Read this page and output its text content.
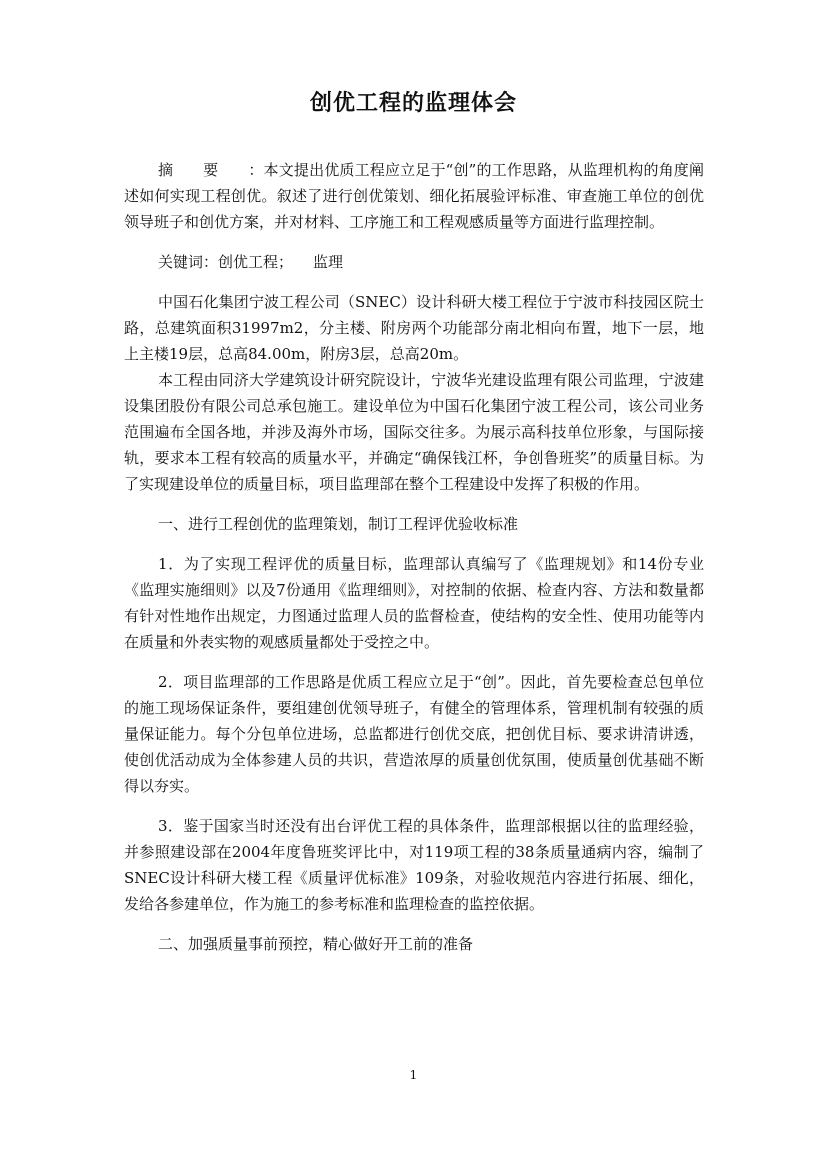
创优工程的监理体会

摘要：本文提出优质工程应立足于“创”的工作思路，从监理机构的角度阐述如何实现工程创优。叙述了进行创优策划、细化拓展验评标准、审查施工单位的创优领导班子和创优方案，并对材料、工序施工和工程观感质量等方面进行监理控制。

关键词：创优工程； 监理

中国石化集团宁波工程公司（SNEC）设计科研大楼工程位于宁波市科技园区院士路，总建筑面积31997m2，分主楼、附房两个功能部分南北相向布置，地下一层，地上主楼19层，总高84.00m，附房3层，总高20m。

本工程由同济大学建筑设计研究院设计，宁波华光建设监理有限公司监理，宁波建设集团股份有限公司总承包施工。建设单位为中国石化集团宁波工程公司，该公司业务范围遍布全国各地，并涉及海外市场，国际交往多。为展示高科技单位形象，与国际接轨，要求本工程有较高的质量水平，并确定“确保钱江杯，争创鲁班奖”的质量目标。为了实现建设单位的质量目标，项目监理部在整个工程建设中发挥了积极的作用。

一、进行工程创优的监理策划，制订工程评优验收标准

1．为了实现工程评优的质量目标，监理部认真编写了《监理规划》和14份专业《监理实施细则》以及7份通用《监理细则》，对控制的依据、检查内容、方法和数量都有针对性地作出规定，力图通过监理人员的监督检查，使结构的安全性、使用功能等内在质量和外表实物的观感质量都处于受控之中。

2．项目监理部的工作思路是优质工程应立足于“创”。因此，首先要检查总包单位的施工现场保证条件，要组建创优领导班子，有健全的管理体系，管理机制有较强的质量保证能力。每个分包单位进场，总监都进行创优交底，把创优目标、要求讲清讲透，使创优活动成为全体参建人员的共识，营造浓厚的质量创优氛围，使质量创优基础不断得以夯实。

3．鉴于国家当时还没有出台评优工程的具体条件，监理部根据以往的监理经验，并参照建设部在2004年度鲁班奖评比中，对119项工程的38条质量通病内容，编制了SNEC设计科研大楼工程《质量评优标准》109条，对验收规范内容进行拓展、细化，发给各参建单位，作为施工的参考标准和监理检查的监控依据。

二、加强质量事前预控，精心做好开工前的准备

1
